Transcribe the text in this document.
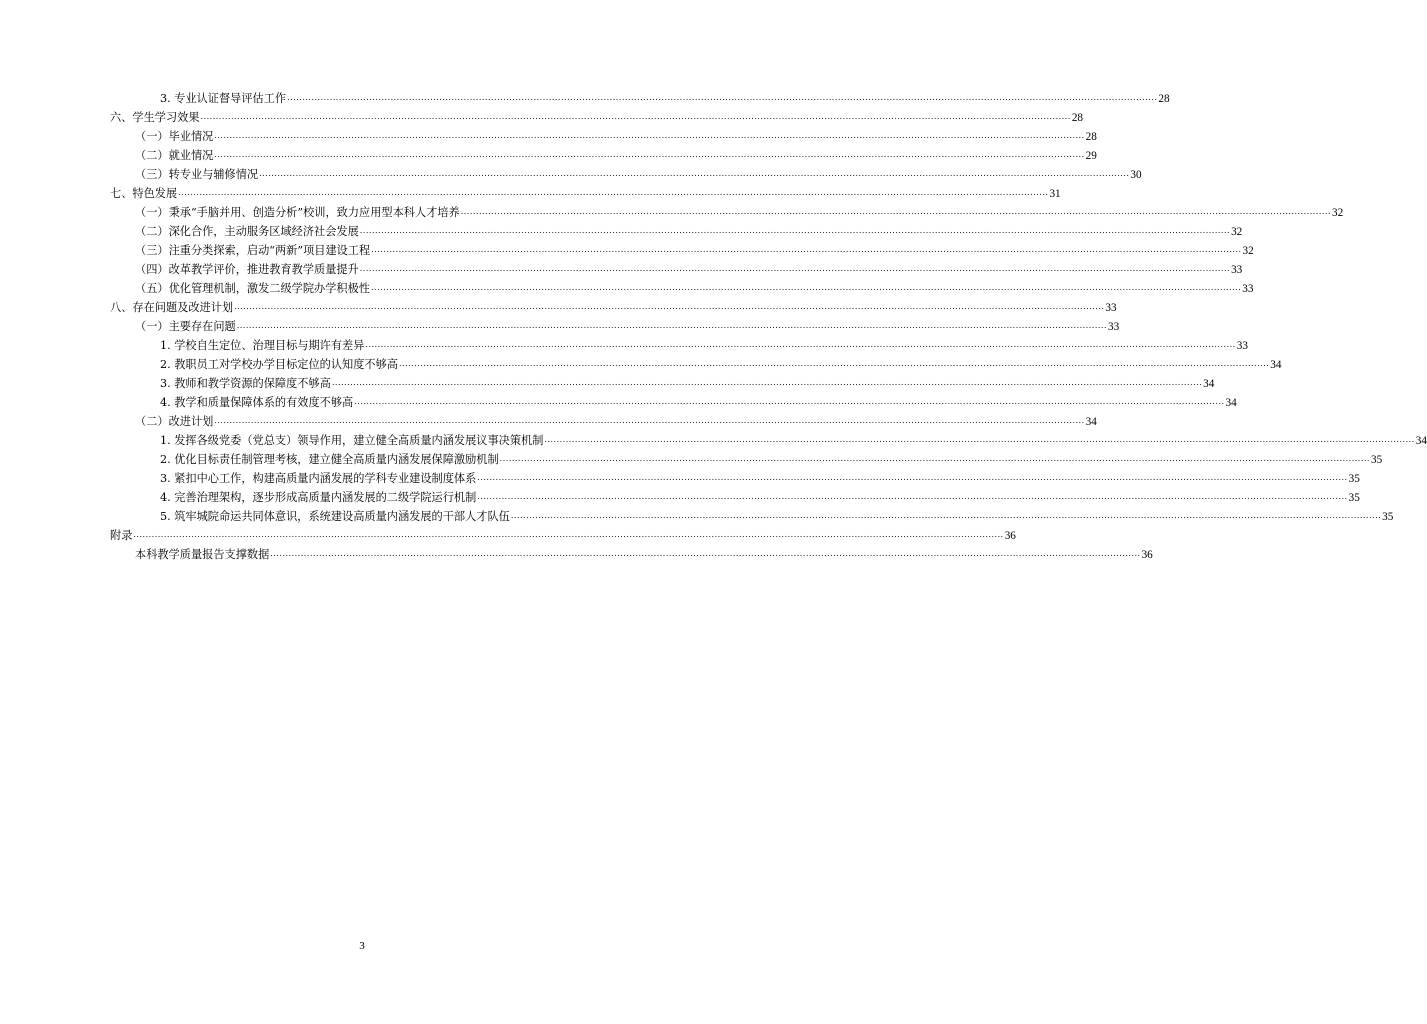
3. 专业认证督导评估工作 .....	28
六、学生学习效果 .....	28
（一）毕业情况 .....	28
（二）就业情况 .....	29
（三）转专业与辅修情况 .....	30
七、特色发展 .....	31
（一）秉承“手脑并用、创造分析”校训，致力应用型本科人才培养 .....	32
（二）深化合作，主动服务区域经济社会发展 .....	32
（三）注重分类探索，启动“两新”项目建设工程 .....	32
（四）改革教学评价，推进教育教学质量提升 .....	33
（五）优化管理机制，激发二级学院办学积极性 .....	33
八、存在问题及改进计划 .....	33
（一）主要存在问题 .....	33
1. 学校自生定位、治理目标与期许有差异 .....	33
2. 教职员工对学校办学目标定位的认知度不够高 .....	34
3. 教师和教学资源的保障度不够高 .....	34
4. 教学和质量保障体系的有效度不够高 .....	34
（二）改进计划 .....	34
1. 发挥各级党委（党总支）领导作用，建立健全高质量内涵发展议事决策机制 .....	34
2. 优化目标责任制管理考核，建立健全高质量内涵发展保障激励机制 .....	35
3. 紧扣中心工作，构建高质量内涵发展的学科专业建设制度体系 .....	35
4. 完善治理架构，逐步形成高质量内涵发展的二级学院运行机制 .....	35
5. 筑牢城院命运共同体意识，系统建设高质量内涵发展的干部人才队伍 .....	35
附录 .....	36
本科教学质量报告支撑数据 .....	36
3
